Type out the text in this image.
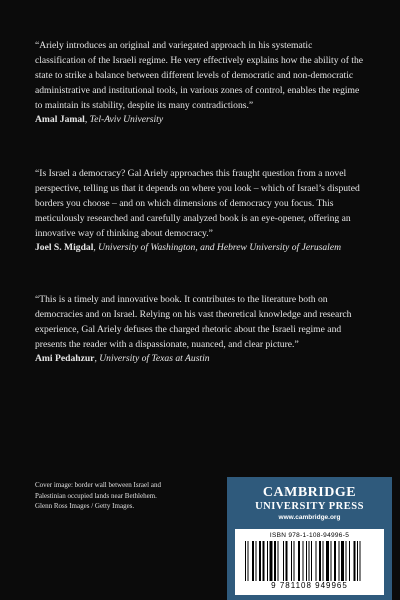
“Ariely introduces an original and variegated approach in his systematic classification of the Israeli regime. He very effectively explains how the ability of the state to strike a balance between different levels of democratic and non-democratic administrative and institutional tools, in various zones of control, enables the regime to maintain its stability, despite its many contradictions.”

Amal Jamal, Tel-Aviv University

“Is Israel a democracy? Gal Ariely approaches this fraught question from a novel perspective, telling us that it depends on where you look – which of Israel’s disputed borders you choose – and on which dimensions of democracy you focus. This meticulously researched and carefully analyzed book is an eye-opener, offering an innovative way of thinking about democracy.”

Joel S. Migdal, University of Washington, and Hebrew University of Jerusalem

“This is a timely and innovative book. It contributes to the literature both on democracies and on Israel. Relying on his vast theoretical knowledge and research experience, Gal Ariely defuses the charged rhetoric about the Israeli regime and presents the reader with a dispassionate, nuanced, and clear picture.”

Ami Pedahzur, University of Texas at Austin

Cover image: border wall between Israel and
Palestinian occupied lands near Bethlehem.
Glenn Ross Images / Getty Images.
CAMBRIDGE
UNIVERSITY PRESS
www.cambridge.org
ISBN 978-1-108-94996-5
9 781108 949965
